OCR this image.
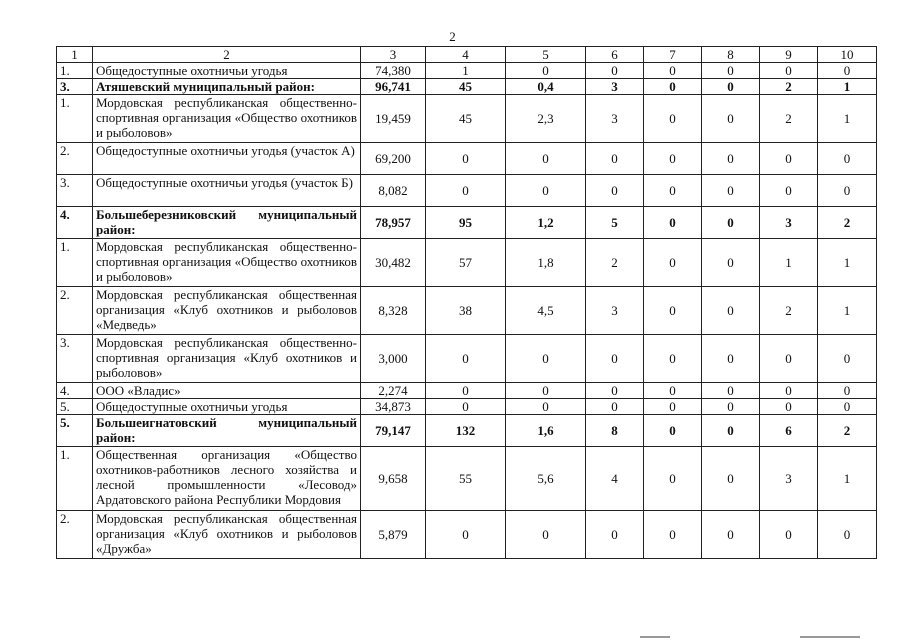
2
1	2	3	4	5	6	7	8	9	10
1.	Общедоступные охотничьи угодья	74,380	1	0	0	0	0	0	0
3.	Атяшевский муниципальный район:	96,741	45	0,4	3	0	0	2	1
1.	Мордовская республиканская общественно-спортивная организация «Общество охотников и рыболовов»	19,459	45	2,3	3	0	0	2	1
2.	Общедоступные охотничьи угодья (участок А)	69,200	0	0	0	0	0	0	0
3.	Общедоступные охотничьи угодья (участок Б)	8,082	0	0	0	0	0	0	0
4.	Большеберезниковский муниципальный район:	78,957	95	1,2	5	0	0	3	2
1.	Мордовская республиканская общественно-спортивная организация «Общество охотников и рыболовов»	30,482	57	1,8	2	0	0	1	1
2.	Мордовская республиканская общественная организация «Клуб охотников и рыболовов «Медведь»	8,328	38	4,5	3	0	0	2	1
3.	Мордовская республиканская общественно-спортивная организация «Клуб охотников и рыболовов»	3,000	0	0	0	0	0	0	0
4.	ООО «Владис»	2,274	0	0	0	0	0	0	0
5.	Общедоступные охотничьи угодья	34,873	0	0	0	0	0	0	0
5.	Большеигнатовский муниципальный район:	79,147	132	1,6	8	0	0	6	2
1.	Общественная организация «Общество охотников-работников лесного хозяйства и лесной промышленности «Лесовод» Ардатовского района Республики Мордовия	9,658	55	5,6	4	0	0	3	1
2.	Мордовская республиканская общественная организация «Клуб охотников и рыболовов «Дружба»	5,879	0	0	0	0	0	0	0
